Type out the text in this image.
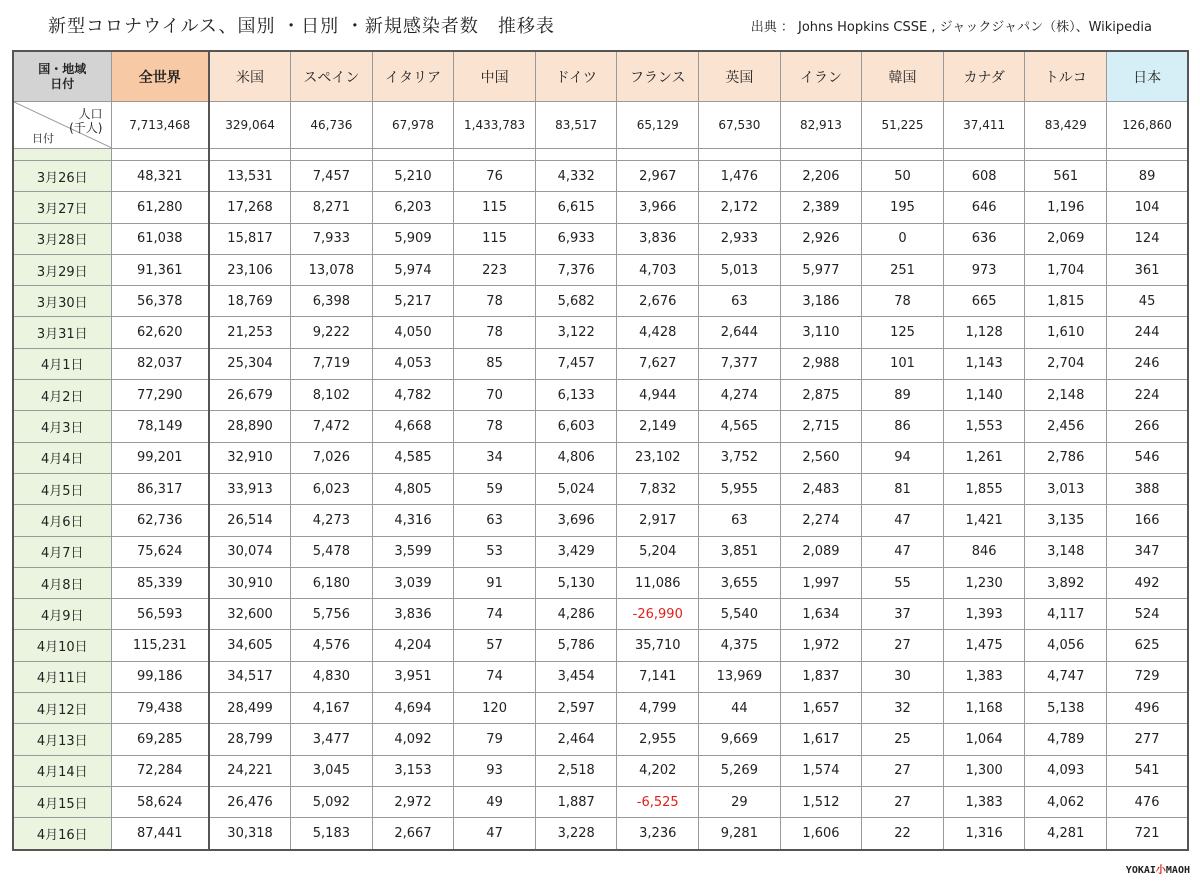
新型コロナウイルス、国別 ・日別 ・新規感染者数　推移表	出典 ： Johns Hopkins CSSE , ジャックジャパン（株）、Wikipedia
国・地域
日付	全世界	米国	スペイン	イタリア	中国	ドイツ	フランス	英国	イラン	韓国	カナダ	トルコ	日本

人口
(千人)
日付	7,713,468	329,064	46,736	67,978	1,433,783	83,517	65,129	67,530	82,913	51,225	37,411	83,429	126,860

3月26日	48,321	13,531	7,457	5,210	76	4,332	2,967	1,476	2,206	50	608	561	89
3月27日	61,280	17,268	8,271	6,203	115	6,615	3,966	2,172	2,389	195	646	1,196	104
3月28日	61,038	15,817	7,933	5,909	115	6,933	3,836	2,933	2,926	0	636	2,069	124
3月29日	91,361	23,106	13,078	5,974	223	7,376	4,703	5,013	5,977	251	973	1,704	361
3月30日	56,378	18,769	6,398	5,217	78	5,682	2,676	63	3,186	78	665	1,815	45
3月31日	62,620	21,253	9,222	4,050	78	3,122	4,428	2,644	3,110	125	1,128	1,610	244
4月1日	82,037	25,304	7,719	4,053	85	7,457	7,627	7,377	2,988	101	1,143	2,704	246
4月2日	77,290	26,679	8,102	4,782	70	6,133	4,944	4,274	2,875	89	1,140	2,148	224
4月3日	78,149	28,890	7,472	4,668	78	6,603	2,149	4,565	2,715	86	1,553	2,456	266
4月4日	99,201	32,910	7,026	4,585	34	4,806	23,102	3,752	2,560	94	1,261	2,786	546
4月5日	86,317	33,913	6,023	4,805	59	5,024	7,832	5,955	2,483	81	1,855	3,013	388
4月6日	62,736	26,514	4,273	4,316	63	3,696	2,917	63	2,274	47	1,421	3,135	166
4月7日	75,624	30,074	5,478	3,599	53	3,429	5,204	3,851	2,089	47	846	3,148	347
4月8日	85,339	30,910	6,180	3,039	91	5,130	11,086	3,655	1,997	55	1,230	3,892	492
4月9日	56,593	32,600	5,756	3,836	74	4,286	-26,990	5,540	1,634	37	1,393	4,117	524
4月10日	115,231	34,605	4,576	4,204	57	5,786	35,710	4,375	1,972	27	1,475	4,056	625
4月11日	99,186	34,517	4,830	3,951	74	3,454	7,141	13,969	1,837	30	1,383	4,747	729
4月12日	79,438	28,499	4,167	4,694	120	2,597	4,799	44	1,657	32	1,168	5,138	496
4月13日	69,285	28,799	3,477	4,092	79	2,464	2,955	9,669	1,617	25	1,064	4,789	277
4月14日	72,284	24,221	3,045	3,153	93	2,518	4,202	5,269	1,574	27	1,300	4,093	541
4月15日	58,624	26,476	5,092	2,972	49	1,887	-6,525	29	1,512	27	1,383	4,062	476
4月16日	87,441	30,318	5,183	2,667	47	3,228	3,236	9,281	1,606	22	1,316	4,281	721
YOKAI小MAOH
